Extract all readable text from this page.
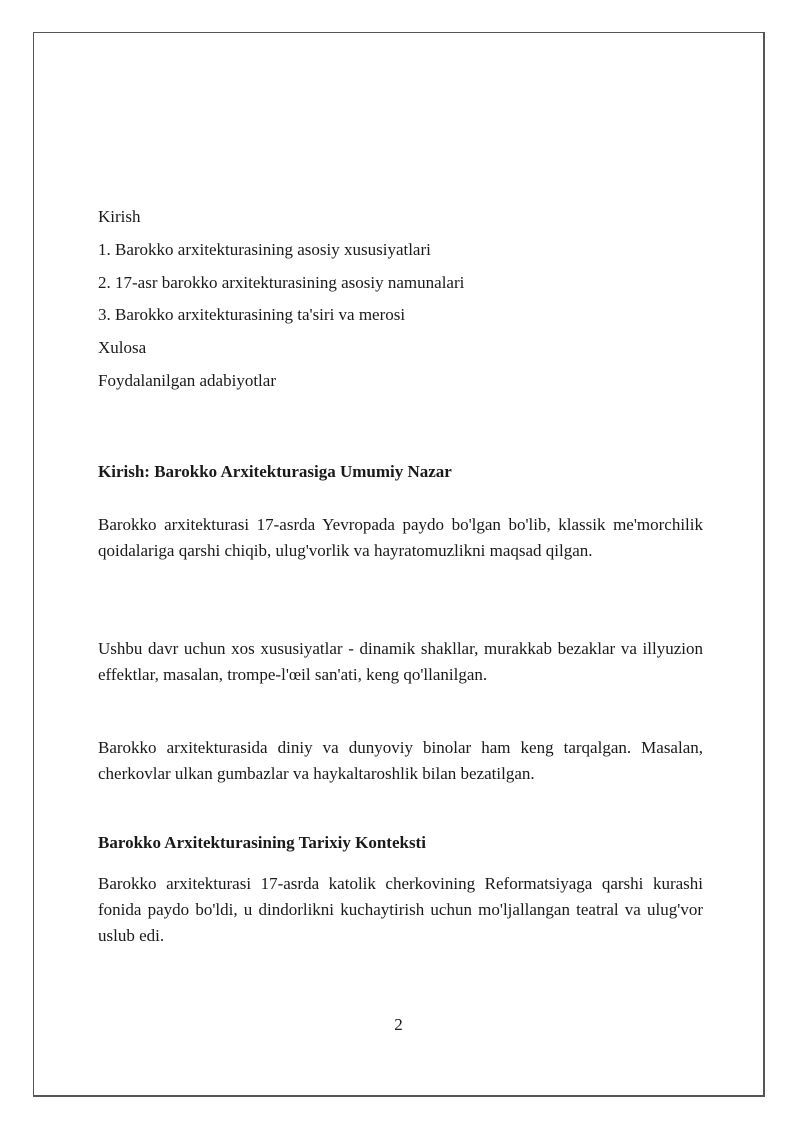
Kirish
1. Barokko arxitekturasining asosiy xususiyatlari
2. 17-asr barokko arxitekturasining asosiy namunalari
3. Barokko arxitekturasining ta'siri va merosi
Xulosa
Foydalanilgan adabiyotlar
Kirish: Barokko Arxitekturasiga Umumiy Nazar
Barokko arxitekturasi 17-asrda Yevropada paydo bo'lgan bo'lib, klassik me'morchilik qoidalariga qarshi chiqib, ulug'vorlik va hayratomuzlikni maqsad qilgan.
Ushbu davr uchun xos xususiyatlar - dinamik shakllar, murakkab bezaklar va illyuzion effektlar, masalan, trompe-l'œil san'ati, keng qo'llanilgan.
Barokko arxitekturasida diniy va dunyoviy binolar ham keng tarqalgan. Masalan, cherkovlar ulkan gumbazlar va haykaltaroshlik bilan bezatilgan.
Barokko Arxitekturasining Tarixiy Konteksti
Barokko arxitekturasi 17-asrda katolik cherkovining Reformatsiyaga qarshi kurashi fonida paydo bo'ldi, u dindorlikni kuchaytirish uchun mo'ljallangan teatral va ulug'vor uslub edi.
2
